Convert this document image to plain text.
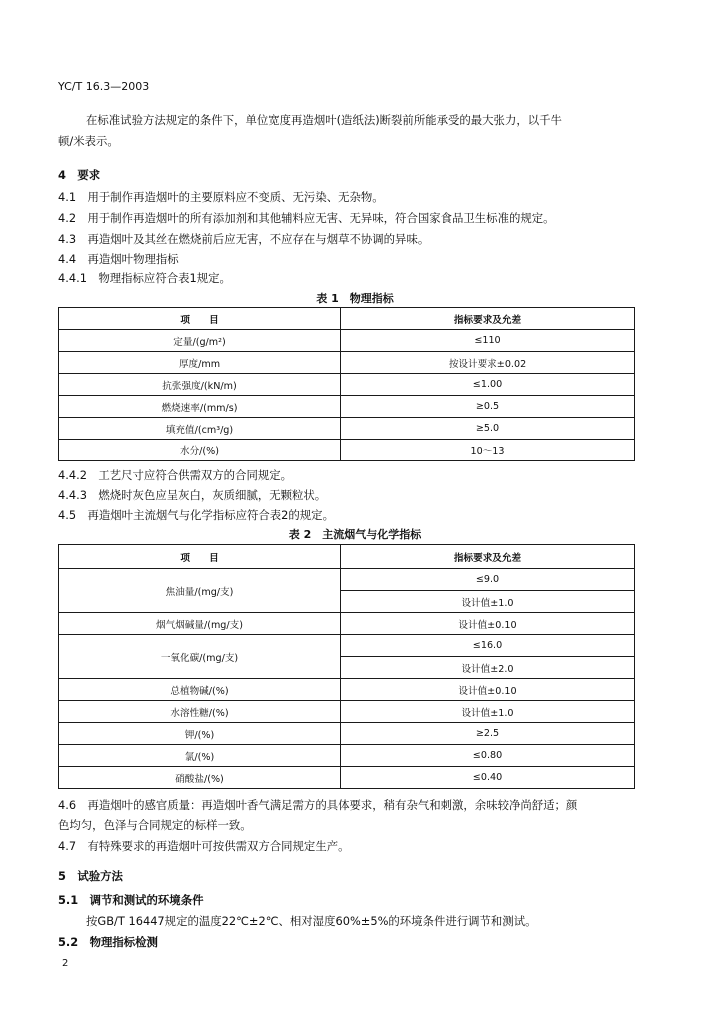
YC/T 16.3—2003
在标准试验方法规定的条件下，单位宽度再造烟叶(造纸法)断裂前所能承受的最大张力，以千牛
顿/米表示。
4　要求
4.1　用于制作再造烟叶的主要原料应不变质、无污染、无杂物。
4.2　用于制作再造烟叶的所有添加剂和其他辅料应无害、无异味，符合国家食品卫生标准的规定。
4.3　再造烟叶及其丝在燃烧前后应无害，不应存在与烟草不协调的异味。
4.4　再造烟叶物理指标
4.4.1　物理指标应符合表1规定。
表 1　物理指标
项　　目	指标要求及允差
定量/(g/m²)	≤110
厚度/mm	按设计要求±0.02
抗张强度/(kN/m)	≤1.00
燃烧速率/(mm/s)	≥0.5
填充值/(cm³/g)	≥5.0
水分/(%)	10～13
4.4.2　工艺尺寸应符合供需双方的合同规定。
4.4.3　燃烧时灰色应呈灰白，灰质细腻，无颗粒状。
4.5　再造烟叶主流烟气与化学指标应符合表2的规定。
表 2　主流烟气与化学指标
项　　目	指标要求及允差
焦油量/(mg/支)	≤9.0
	设计值±1.0
烟气烟碱量/(mg/支)	设计值±0.10
一氧化碳/(mg/支)	≤16.0
	设计值±2.0
总植物碱/(%)	设计值±0.10
水溶性糖/(%)	设计值±1.0
钾/(%)	≥2.5
氯/(%)	≤0.80
硝酸盐/(%)	≤0.40
4.6　再造烟叶的感官质量：再造烟叶香气满足需方的具体要求，稍有杂气和刺激，余味较净尚舒适；颜
色均匀，色泽与合同规定的标样一致。
4.7　有特殊要求的再造烟叶可按供需双方合同规定生产。
5　试验方法
5.1　调节和测试的环境条件
按GB/T 16447规定的温度22℃±2℃、相对湿度60%±5%的环境条件进行调节和测试。
5.2　物理指标检测
2
